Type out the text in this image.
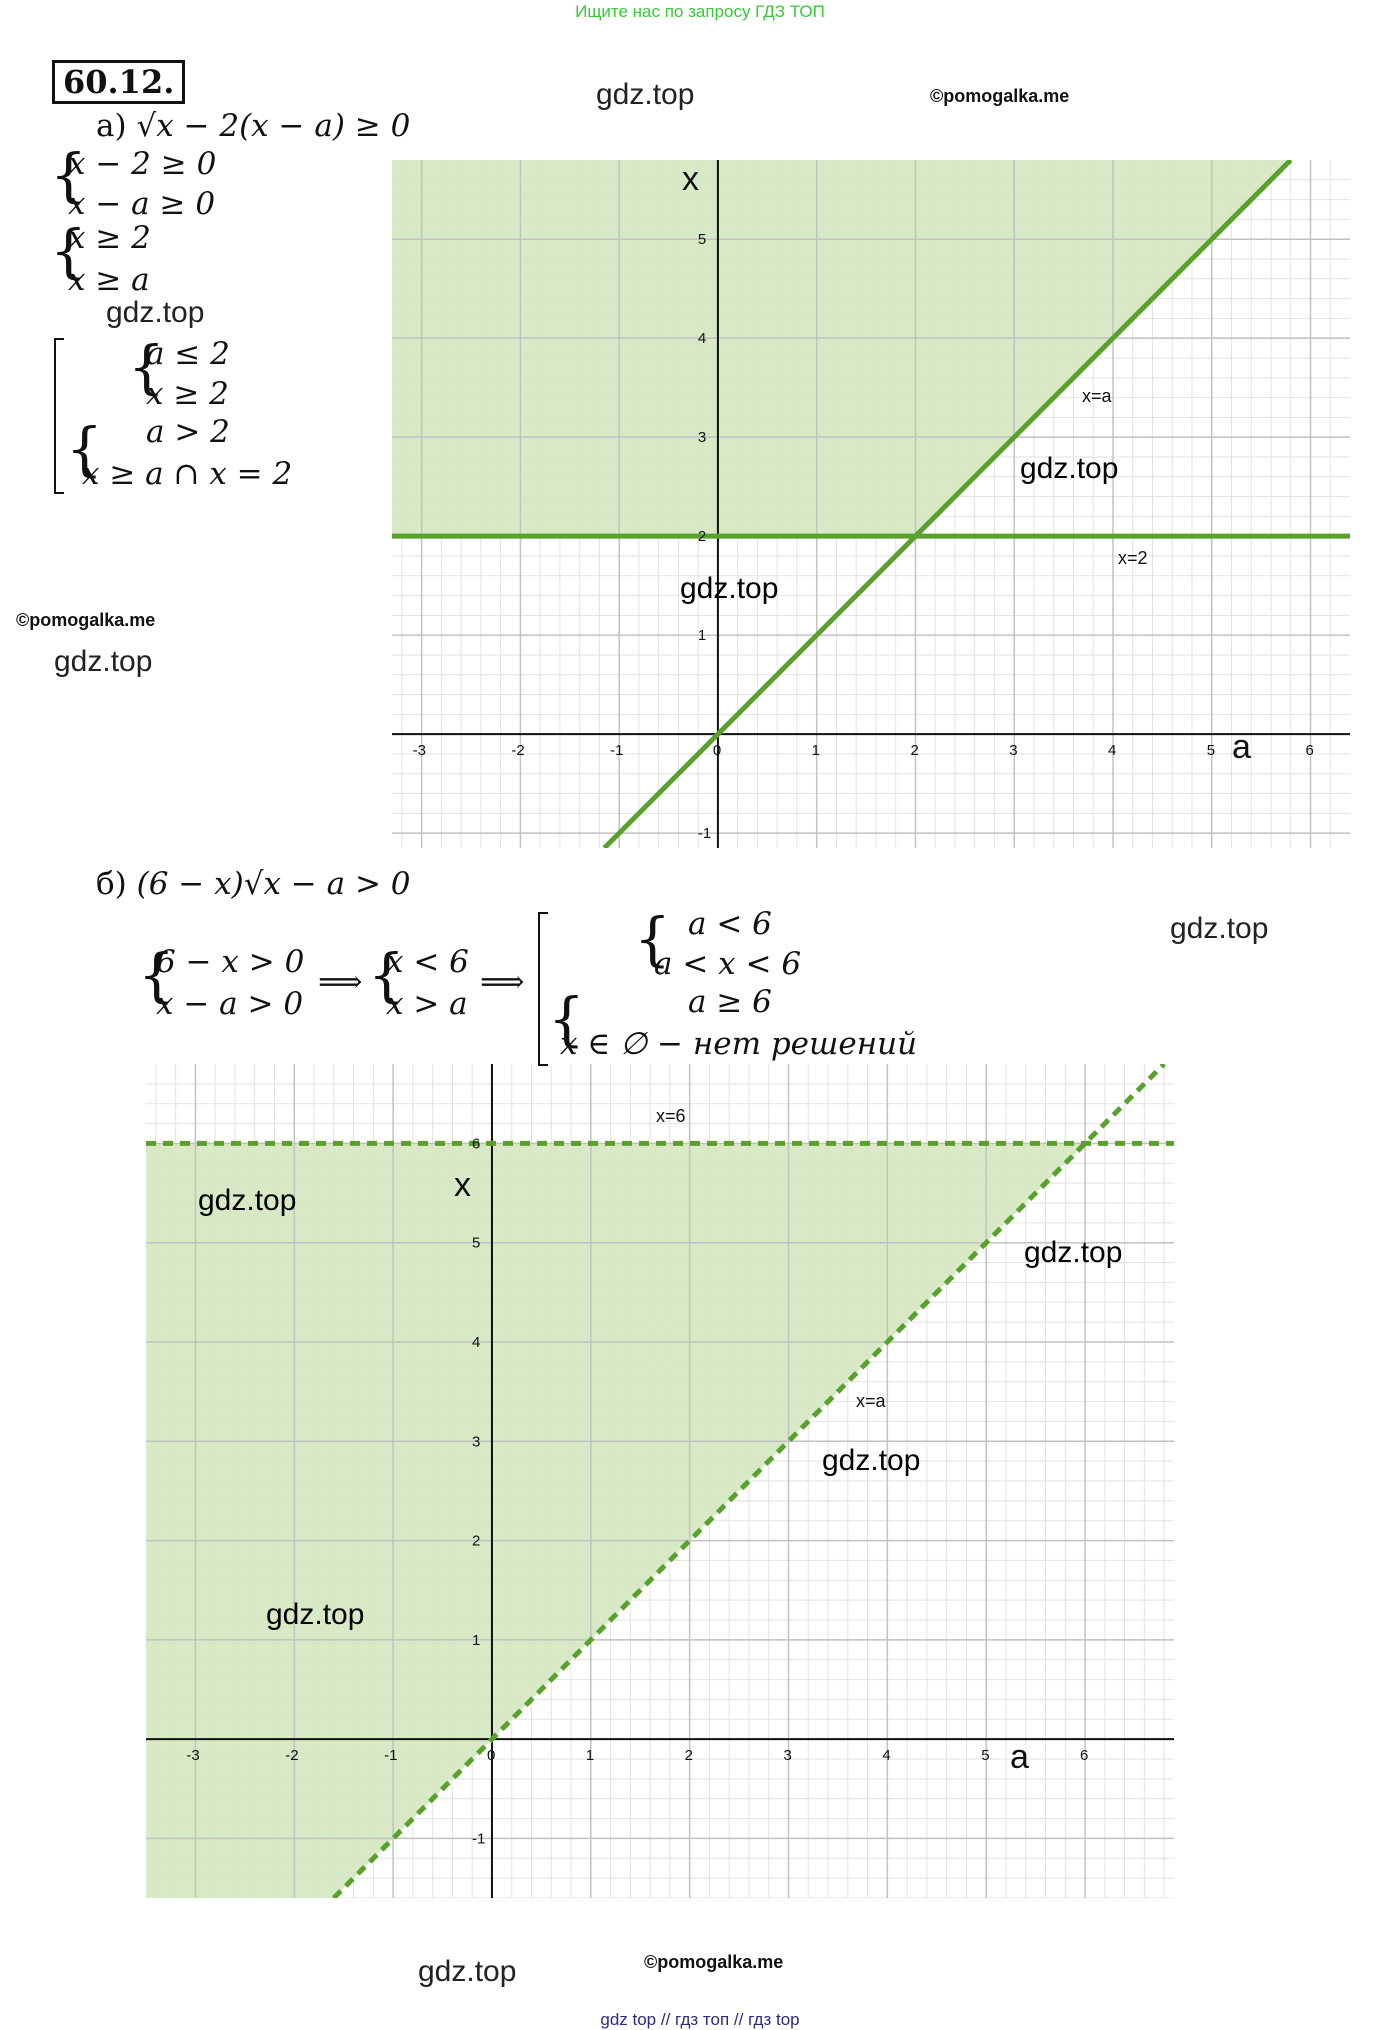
Ищите нас по запросу ГДЗ ТОП
60.12.	gdz.top	©pomogalka.me
gdz.top
©pomogalka.me
gdz.top
gdz.top
gdz.top	©pomogalka.me
а) √x − 2(x − a) ≥ 0
{
x − 2 ≥ 0
x − a ≥ 0
{
x ≥ 2
x ≥ a
{
a ≤ 2
x ≥ 2
{ a > 2
x ≥ a ∩ x = 2
б) (6 − x)√x − a > 0
{
6 − x > 0
x − a > 0
⟹ {
x < 6
x > a
⟹
{ a < 6
a < x < 6
{	a ≥ 6
x ∈ ∅ − нет решений
-3	-2	-1	0	1	2	3	4	5	6
-1
1
2
3
4
5
x
a
x=a
x=2
gdz.top
gdz.top
-3	-2	-1	0	1	2	3	4	5	6
-1
1
2
3
4
5
6
x
a
x=6
x=a
gdz.top
gdz.top
gdz.top
gdz.top
gdz top // гдз топ // гдз top
